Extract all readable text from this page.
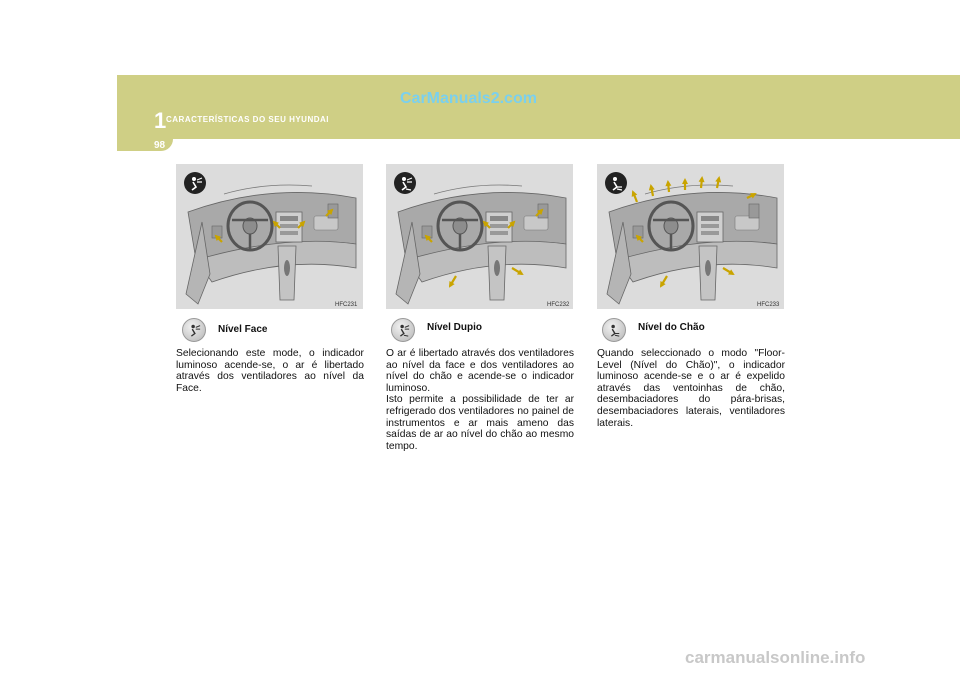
1 CARACTERÍSTICAS DO SEU HYUNDAI
CarManuals2.com
98
HFC231
Nível Face

Selecionando este mode, o indicador luminoso acende-se, o ar é libertado através dos ventiladores ao nível da Face.

HFC232
Nível Dupio

O ar é libertado através dos ventiladores ao nível da face e dos ventiladores ao nível do chão e acende-se o indicador luminoso.
Isto permite a possibilidade de ter ar refrigerado dos ventiladores no painel de instrumentos e ar mais ameno das saídas de ar ao nível do chão ao mesmo tempo.

HFC233
Nível do Chão

Quando seleccionado o modo "Floor-Level (Nível do Chão)", o indicador luminoso acende-se e o ar é expelido através das ventoinhas de chão, desembaciadores do pára-brisas, desembaciadores laterais, ventiladores laterais.

carmanualsonline.info
